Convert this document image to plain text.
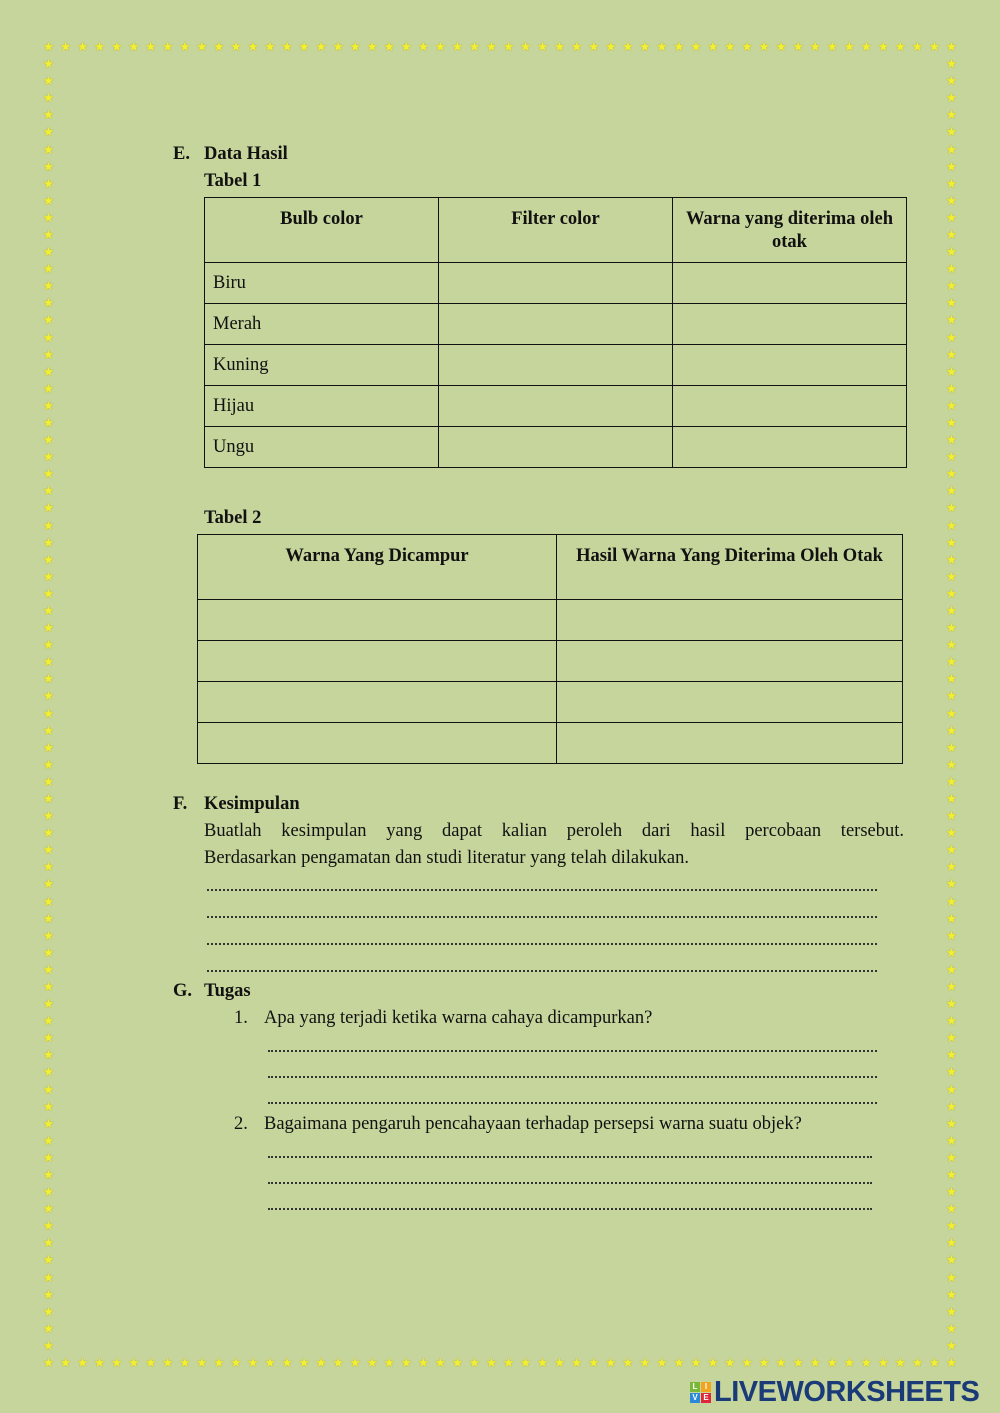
★
★
★
★
★
★
★
★
★
★
★
★
★
★
★
★
★
★
★
★
★
★
★
★
★
★
★
★
★
★
★
★
★
★
★
★
★
★
★
★
★
★
★
★
★
★
★
★
★
★
★
★
★
★
★
★
★
★
★
★
★
★
★
★
★
★
★
★
★
★
★
★
★
★
★
★
★
★
★
★
★
★
★
★
★
★
★
★
★
★
★
★
★
★
★
★
★
★
★
★
★
★
★
★
★
★
★
★
★	★
★	★
★	★
★	★
★	★
★	★
★	★
★	★
★	★
★	★
★	★
★	★
★	★
★	★
★	★
★	★
★	★
★	★
★	★
★	★
★	★
★	★
★	★
★	★
★	★
★	★
★	★
★	★
★	★
★	★
★	★
★	★
★	★
★	★
★	★
★	★
★	★
★	★
★	★
★	★
★	★
★	★
★	★
★	★
★	★
★	★
★	★
★	★
★	★
★	★
★	★
★	★
★	★
★	★
★	★
★	★
★	★
★	★
★	★
★	★
★	★
★	★
★	★
★	★
★	★
★	★
★	★
★	★
★	★
★	★
★	★
★	★
★	★
★	★
★	★
★	★
E. Data Hasil
Tabel 1
Bulb color	Filter color	Warna yang diterima oleh otak
Biru		
Merah		
Kuning		
Hijau		
Ungu		
Tabel 2
Warna Yang Dicampur	Hasil Warna Yang Diterima Oleh Otak

F. Kesimpulan
Buatlah kesimpulan yang dapat kalian peroleh dari hasil percobaan tersebut.
Berdasarkan pengamatan dan studi literatur yang telah dilakukan.
G. Tugas
1. Apa yang terjadi ketika warna cahaya dicampurkan?
2. Bagaimana pengaruh pencahayaan terhadap persepsi warna suatu objek?
L I
V E LIVEWORKSHEETS
